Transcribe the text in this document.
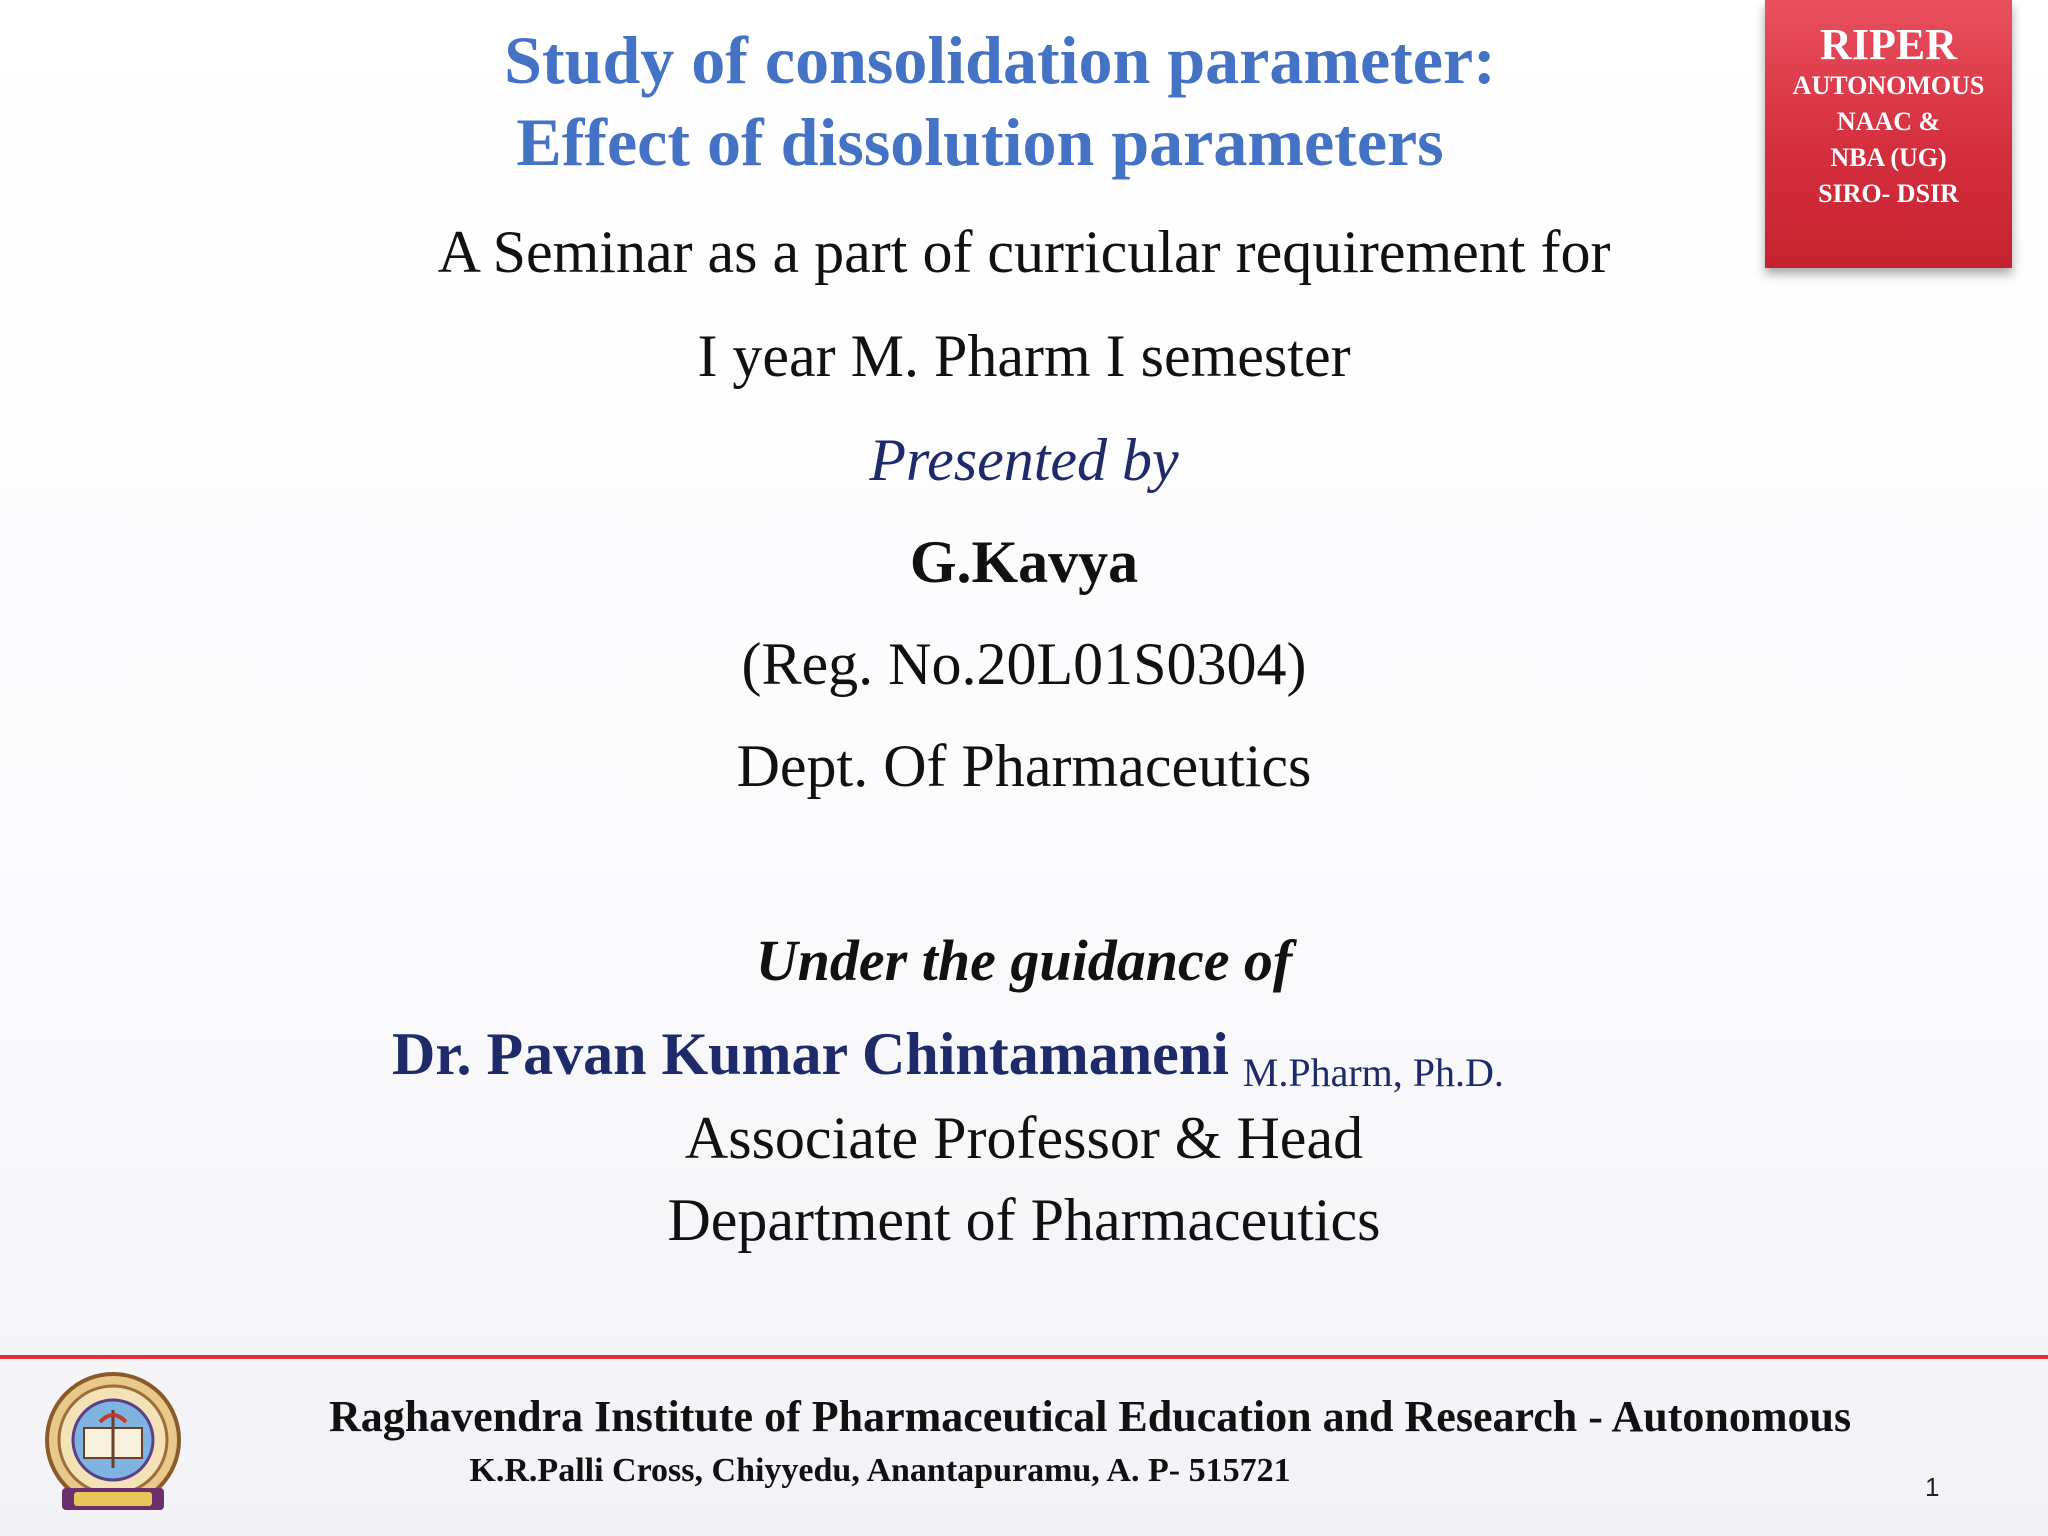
Study of consolidation parameter:
Effect of dissolution parameters
RIPER
AUTONOMOUS
NAAC &
NBA (UG)
SIRO- DSIR

A Seminar as a part of curricular requirement for

I year M. Pharm I semester

Presented by

G.Kavya

(Reg. No.20L01S0304)

Dept. Of Pharmaceutics

Under the guidance of

Dr. Pavan Kumar Chintamaneni M.Pharm, Ph.D.

Associate Professor & Head

Department of Pharmaceutics

Raghavendra Institute of Pharmaceutical Education and Research - Autonomous

K.R.Palli Cross, Chiyyedu, Anantapuramu, A. P- 515721	1
